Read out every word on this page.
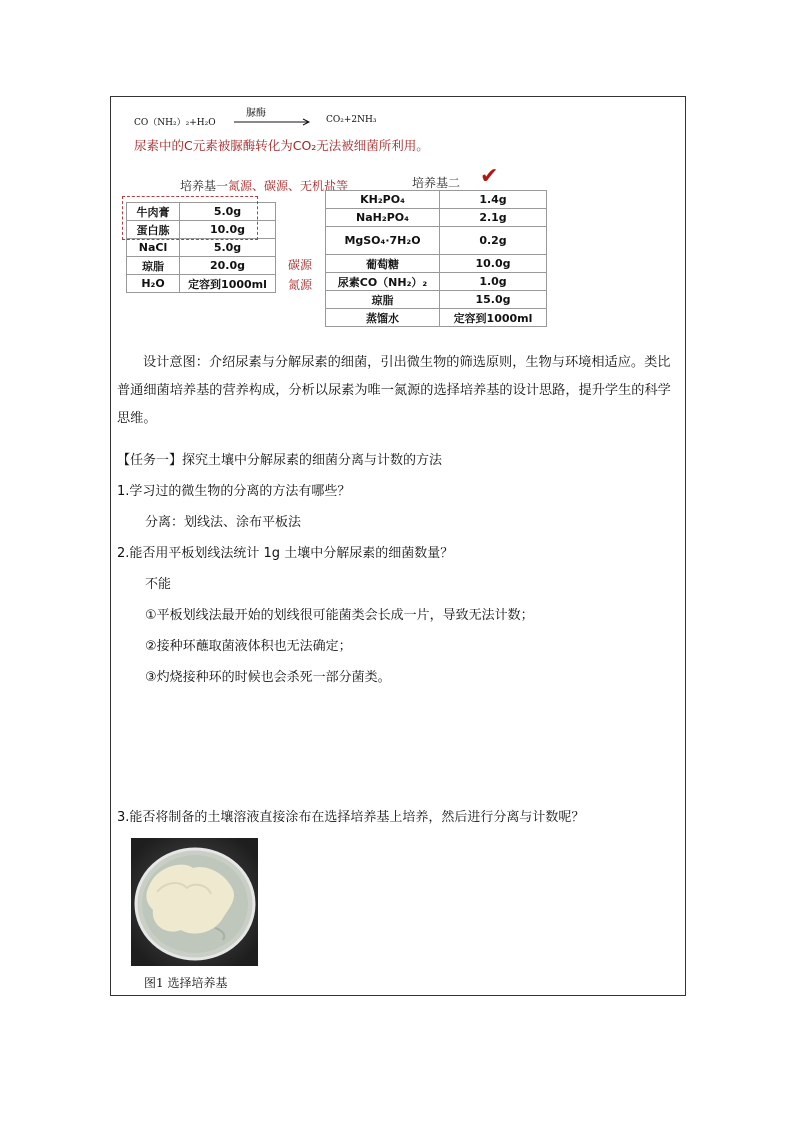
CO（NH₂）₂+H₂O
脲酶
CO₂+2NH₃
尿素中的C元素被脲酶转化为CO₂无法被细菌所利用。
培养基一氮源、碳源、无机盐等	培养基二 ✔
牛肉膏	5.0g
蛋白胨	10.0g
NaCl	5.0g
琼脂	20.0g
H₂O	定容到1000ml
碳源
氮源
KH₂PO₄	1.4g
NaH₂PO₄	2.1g
MgSO₄·7H₂O	0.2g
葡萄糖	10.0g
尿素CO（NH₂）₂	1.0g
琼脂	15.0g
蒸馏水	定容到1000ml
设计意图：介绍尿素与分解尿素的细菌，引出微生物的筛选原则，生物与环境相适应。类比普通细菌培养基的营养构成，分析以尿素为唯一氮源的选择培养基的设计思路，提升学生的科学思维。
【任务一】探究土壤中分解尿素的细菌分离与计数的方法
1.学习过的微生物的分离的方法有哪些？
分离：划线法、涂布平板法
2.能否用平板划线法统计 1g 土壤中分解尿素的细菌数量？
不能
①平板划线法最开始的划线很可能菌类会长成一片，导致无法计数；
②接种环蘸取菌液体积也无法确定；
③灼烧接种环的时候也会杀死一部分菌类。
3.能否将制备的土壤溶液直接涂布在选择培养基上培养，然后进行分离与计数呢？
图1 选择培养基
